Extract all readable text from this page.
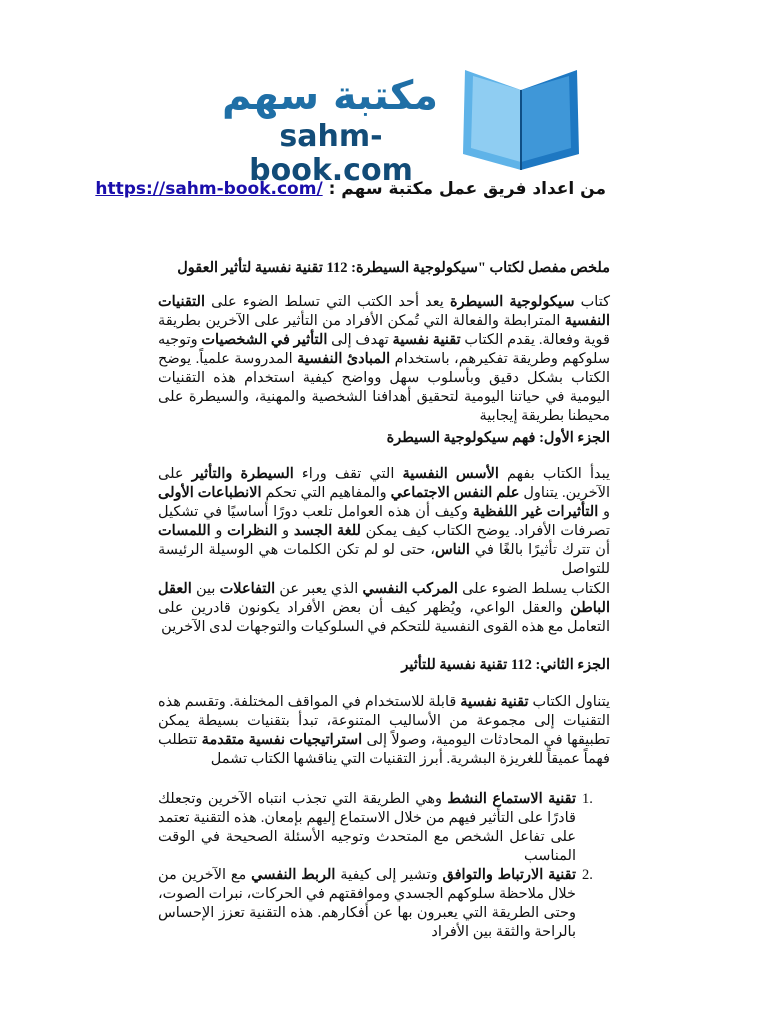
مكتبة سهم
sahm-book.com
من اعداد فريق عمل مكتبة سهم : https://sahm-book.com/
ملخص مفصل لكتاب "سيكولوجية السيطرة: 112 تقنية نفسية لتأثير العقول
كتاب سيكولوجية السيطرة يعد أحد الكتب التي تسلط الضوء على التقنيات النفسية المترابطة والفعالة التي تُمكن الأفراد من التأثير على الآخرين بطريقة قوية وفعالة. يقدم الكتاب تقنية نفسية تهدف إلى التأثير في الشخصيات وتوجيه سلوكهم وطريقة تفكيرهم، باستخدام المبادئ النفسية المدروسة علمياً. يوضح الكتاب بشكل دقيق وبأسلوب سهل وواضح كيفية استخدام هذه التقنيات اليومية في حياتنا اليومية لتحقيق أهدافنا الشخصية والمهنية، والسيطرة على محيطنا بطريقة إيجابية
الجزء الأول: فهم سيكولوجية السيطرة
يبدأ الكتاب بفهم الأسس النفسية التي تقف وراء السيطرة والتأثير على الآخرين. يتناول علم النفس الاجتماعي والمفاهيم التي تحكم الانطباعات الأولى و التأثيرات غير اللفظية وكيف أن هذه العوامل تلعب دورًا أساسيًا في تشكيل تصرفات الأفراد. يوضح الكتاب كيف يمكن للغة الجسد و النظرات و اللمسات أن تترك تأثيرًا بالغًا في الناس، حتى لو لم تكن الكلمات هي الوسيلة الرئيسة للتواصل
الكتاب يسلط الضوء على المركب النفسي الذي يعبر عن التفاعلات بين العقل الباطن والعقل الواعي، ويُظهر كيف أن بعض الأفراد يكونون قادرين على التعامل مع هذه القوى النفسية للتحكم في السلوكيات والتوجهات لدى الآخرين
الجزء الثاني: 112 تقنية نفسية للتأثير
يتناول الكتاب تقنية نفسية قابلة للاستخدام في المواقف المختلفة. وتقسم هذه التقنيات إلى مجموعة من الأساليب المتنوعة، تبدأ بتقنيات بسيطة يمكن تطبيقها في المحادثات اليومية، وصولاً إلى استراتيجيات نفسية متقدمة تتطلب فهماً عميقاً للغريزة البشرية. أبرز التقنيات التي يناقشها الكتاب تشمل
1.
تقنية الاستماع النشط وهي الطريقة التي تجذب انتباه الآخرين وتجعلك قادرًا على التأثير فيهم من خلال الاستماع إليهم بإمعان. هذه التقنية تعتمد على تفاعل الشخص مع المتحدث وتوجيه الأسئلة الصحيحة في الوقت المناسب
2.
تقنية الارتباط والتوافق وتشير إلى كيفية الربط النفسي مع الآخرين من خلال ملاحظة سلوكهم الجسدي وموافقتهم في الحركات، نبرات الصوت، وحتى الطريقة التي يعبرون بها عن أفكارهم. هذه التقنية تعزز الإحساس بالراحة والثقة بين الأفراد
